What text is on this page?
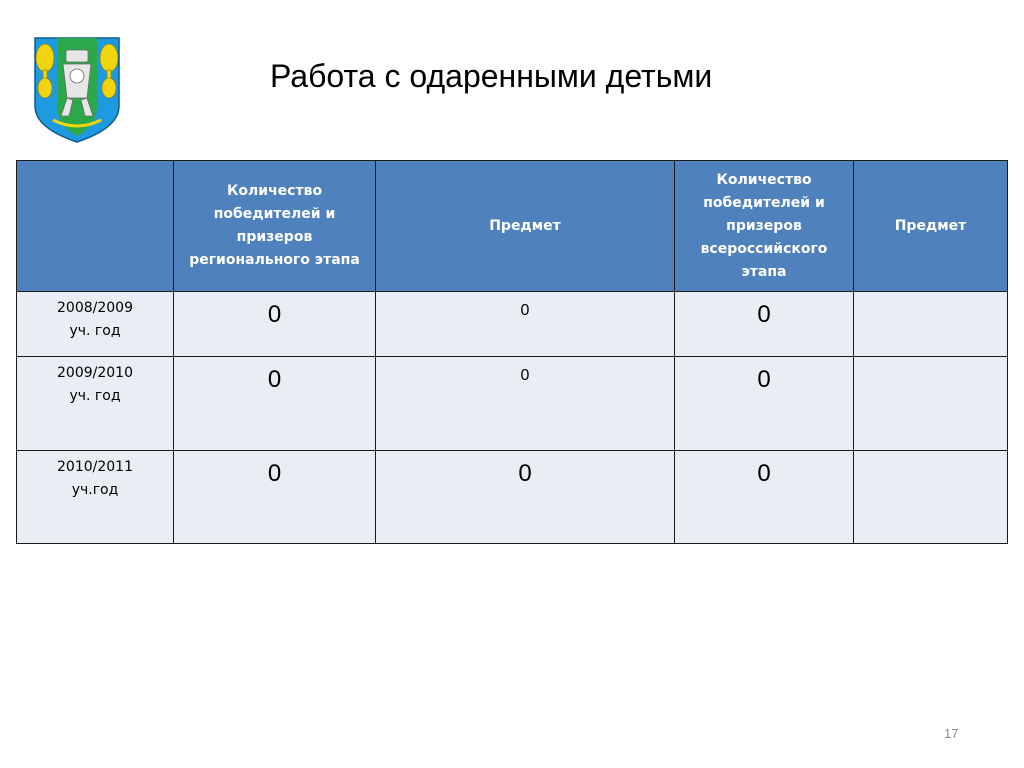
Работа с одаренными детьми
	Количество победителей и призеров регионального этапа	Предмет	Количество победителей и призеров всероссийского этапа	Предмет

2008/2009
уч. год	0	0	0	

2009/2010
уч. год	0	0	0	

2010/2011
уч.год	0	0	0	
17
